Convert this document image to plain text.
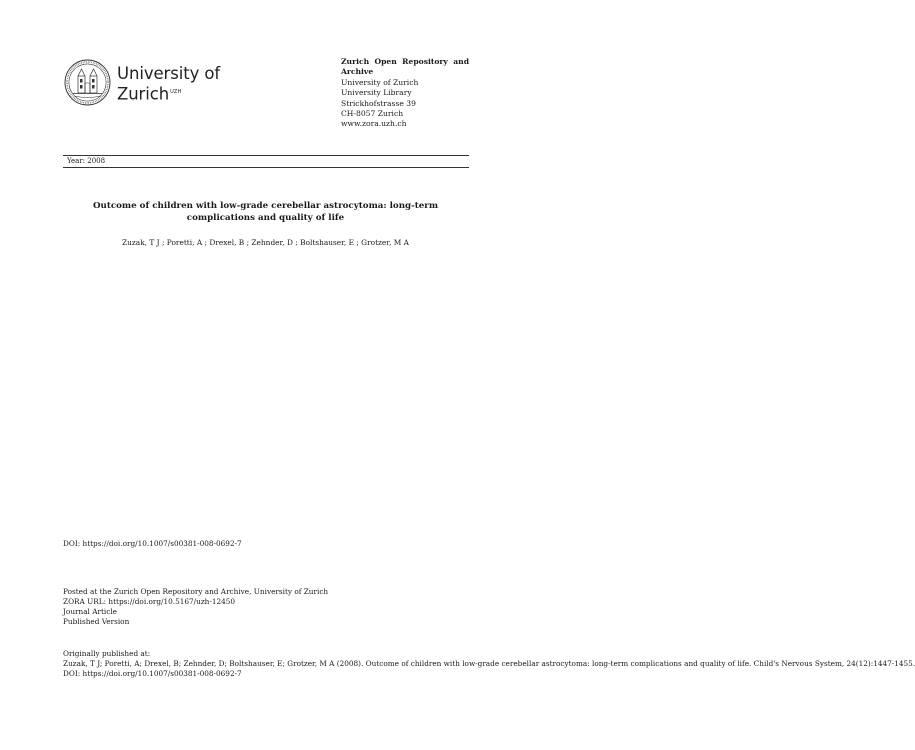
University of
Zurich$^{UZH}$
Zurich Open Repository and Archive
University of Zurich
University Library
Strickhofstrasse 39
CH-8057 Zurich
www.zora.uzh.ch
Year: 2008
Outcome of children with low-grade cerebellar astrocytoma: long-term complications and quality of life
Zuzak, T J ; Poretti, A ; Drexel, B ; Zehnder, D ; Boltshauser, E ; Grotzer, M A
DOI: https://doi.org/10.1007/s00381-008-0692-7
Posted at the Zurich Open Repository and Archive, University of Zurich
ZORA URL: https://doi.org/10.5167/uzh-12450
Journal Article
Published Version
Originally published at:
Zuzak, T J; Poretti, A; Drexel, B; Zehnder, D; Boltshauser, E; Grotzer, M A (2008). Outcome of children with low-grade cerebellar astrocytoma: long-term complications and quality of life. Child's Nervous System, 24(12):1447-1455.
DOI: https://doi.org/10.1007/s00381-008-0692-7
